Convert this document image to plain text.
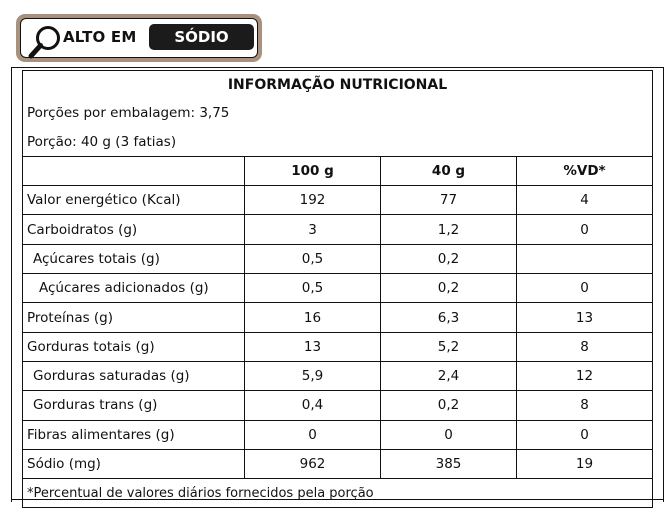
ALTO EM	SÓDIO
INFORMAÇÃO NUTRICIONAL			
Porções por embalagem: 3,75			
Porção: 40 g (3 fatias)			
	100 g	40 g	%VD*
Valor energético (Kcal)	192	77	4
Carboidratos (g)	3	1,2	0
Açúcares totais (g)	0,5	0,2	
Açúcares adicionados (g)	0,5	0,2	0
Proteínas (g)	16	6,3	13
Gorduras totais (g)	13	5,2	8
Gorduras saturadas (g)	5,9	2,4	12
Gorduras trans (g)	0,4	0,2	8
Fibras alimentares (g)	0	0	0
Sódio (mg)	962	385	19
*Percentual de valores diários fornecidos pela porção			
